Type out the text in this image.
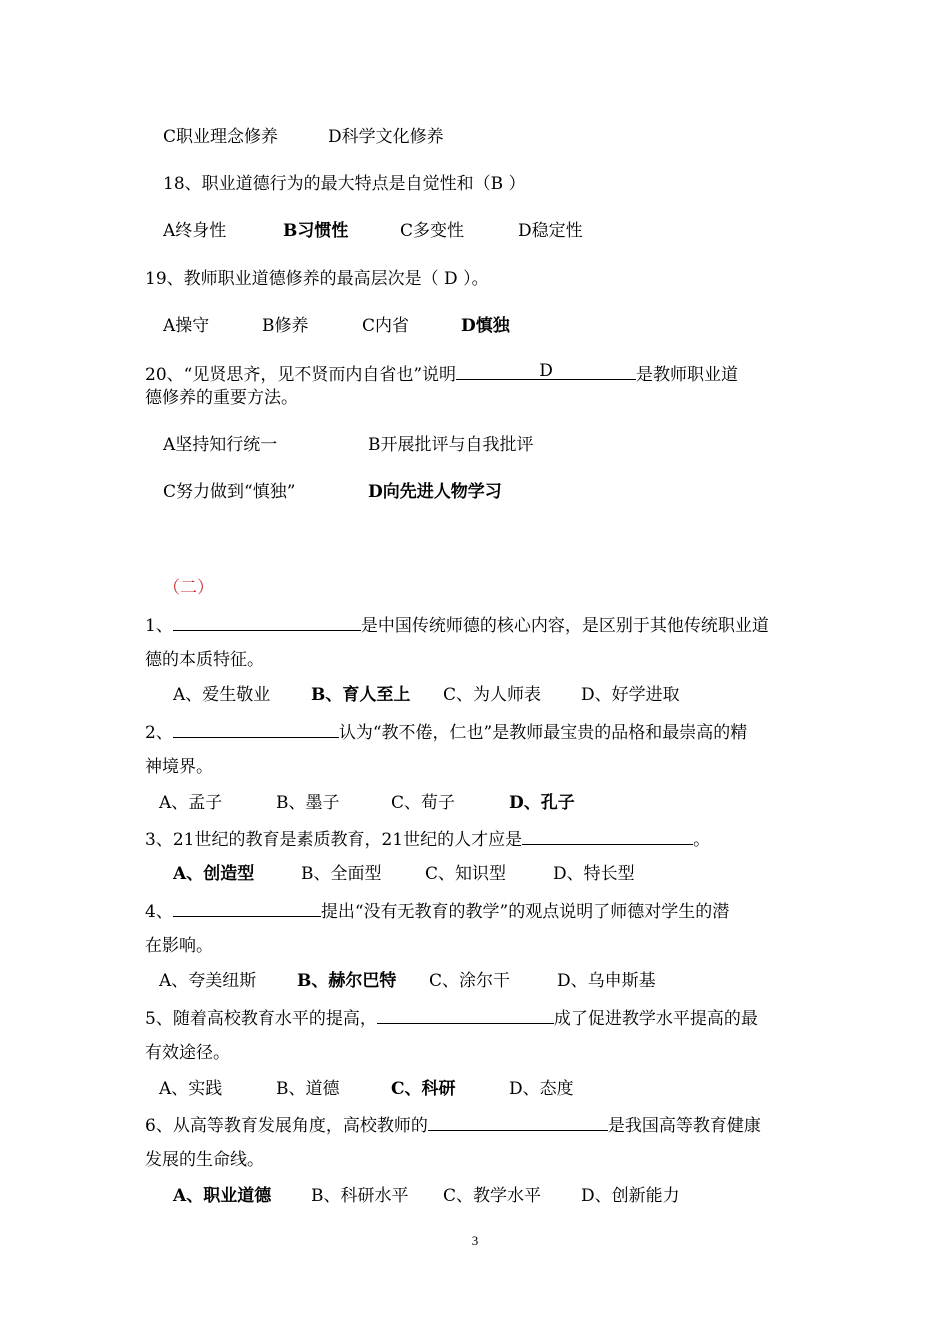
C职业理念修养	D科学文化修养
18、职业道德行为的最大特点是自觉性和（B ）
A终身性	B习惯性	C多变性	D稳定性
19、教师职业道德修养的最高层次是（ D ）。
A操守	B修养	C内省	D慎独
20、“见贤思齐，见不贤而内自省也”说明	D	是教师职业道
德修养的重要方法。
A坚持知行统一	B开展批评与自我批评
C努力做到“慎独”	D向先进人物学习
（二）
1、	是中国传统师德的核心内容，是区别于其他传统职业道
德的本质特征。
A、爱生敬业 B、育人至上 C、为人师表 D、好学进取
2、	认为“教不倦，仁也”是教师最宝贵的品格和最崇高的精
神境界。
A、孟子	B、墨子	C、荀子	D、孔子
3、21世纪的教育是素质教育，21世纪的人才应是	。
A、创造型	B、全面型	C、知识型	D、特长型
4、	提出“没有无教育的教学”的观点说明了师德对学生的潜
在影响。
A、夸美纽斯 B、赫尔巴特 C、涂尔干	D、乌申斯基
5、随着高校教育水平的提高，	成了促进教学水平提高的最
有效途径。
A、实践	B、道德	C、科研	D、态度
6、从高等教育发展角度，高校教师的	是我国高等教育健康
发展的生命线。
A、职业道德 B、科研水平 C、教学水平 D、创新能力
3
